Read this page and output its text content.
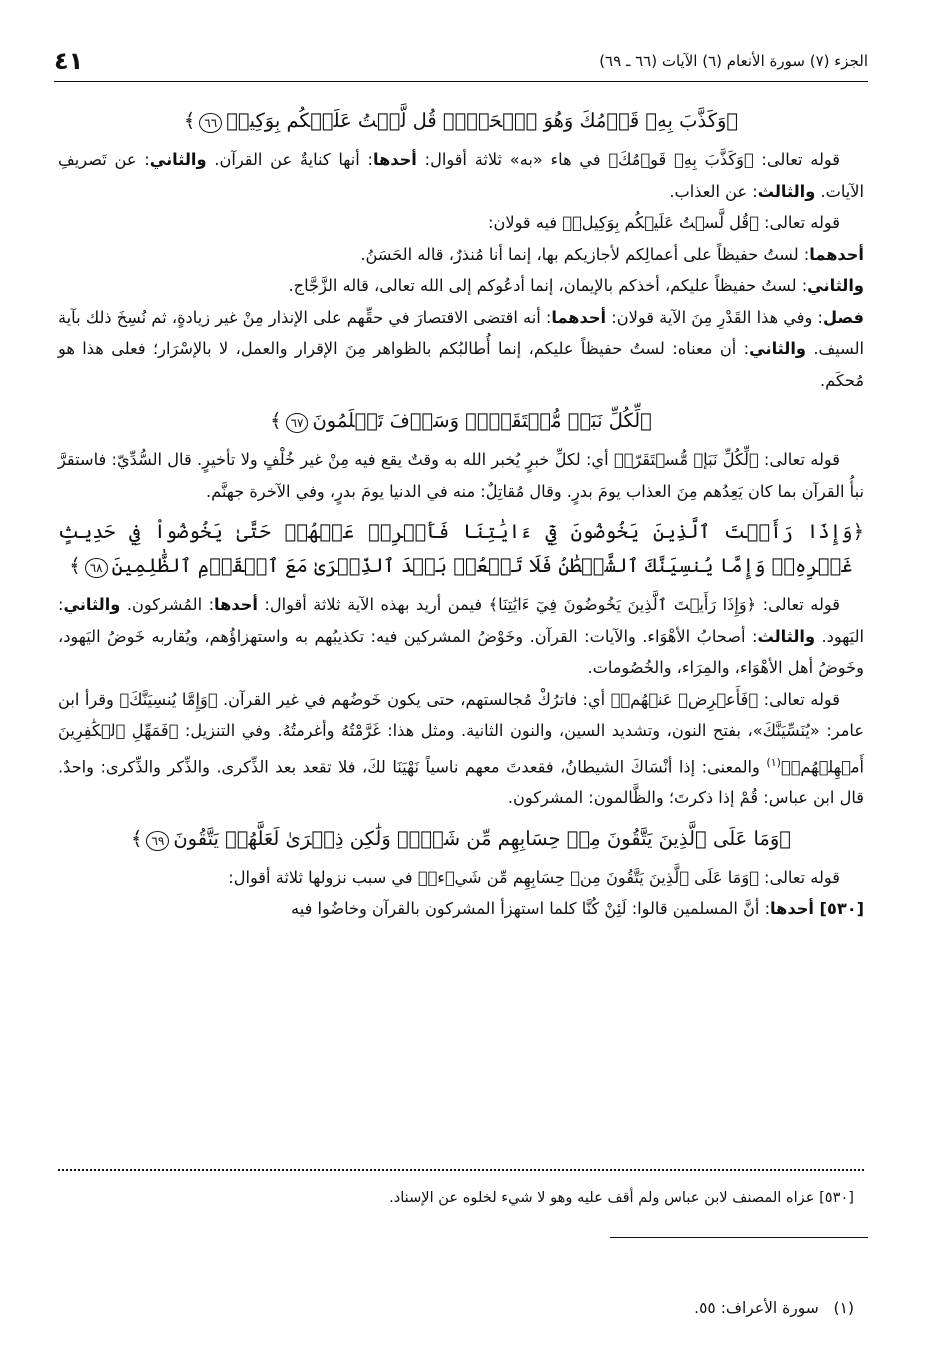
الجزء (٧) سورة الأنعام (٦) الآيات (٦٦ ـ ٦٩)
٤١
﴿وَكَذَّبَ بِهِۦ قَوۡمُكَ وَهُوَ ٱلۡحَقُّۚ قُل لَّسۡتُ عَلَيۡكُم بِوَكِيلٖ٦٦﴾

قوله تعالى: ﴿وَكَذَّبَ بِهِۦ قَوۡمُكَ﴾ في هاء «به» ثلاثة أقوال: أحدها: أنها كنايةٌ عن القرآن. والثاني: عن تَصريفِ الآيات. والثالث: عن العذاب.

قوله تعالى: ﴿قُل لَّسۡتُ عَلَيۡكُم بِوَكِيلٖ﴾ فيه قولان:

أحدهما: لستُ حفيظاً على أعمالِكم لأجازيكم بها، إنما أنا مُنذرٌ، قاله الحَسَنُ.

والثاني: لستُ حفيظاً عليكم، أخذكم بالإيمان، إنما أدعُوكم إلى الله تعالى، قاله الزَّجَّاج.

فصل: وفي هذا القَدْرِ مِنَ الآية قولان: أحدهما: أنه اقتضى الاقتصارَ في حقِّهم على الإنذار مِنْ غير زيادةٍ، ثم نُسِخَ ذلك بآية السيف. والثاني: أن معناه: لستُ حفيظاً عليكم، إنما أُطالبُكم بالظواهر مِنَ الإقرار والعمل، لا بالإسْرَار؛ فعلى هذا هو مُحكَم.

﴿لِّكُلِّ نَبَإٖ مُّسۡتَقَرّٞۚ وَسَوۡفَ تَعۡلَمُونَ٦٧﴾

قوله تعالى: ﴿لِّكُلِّ نَبَإٖ مُّسۡتَقَرّٞ﴾ أي: لكلِّ خبرٍ يُخبر الله به وقتٌ يقع فيه مِنْ غير خُلْفٍ ولا تأخيرٍ. قال السُّدِّيّ: فاستقرَّ نبأُ القرآن بما كان يَعِدُهم مِنَ العذاب يومَ بدرٍ. وقال مُقاتِلٌ: منه في الدنيا يومَ بدرٍ، وفي الآخرة جهنَّم.

﴿وَإِذَا رَأَيۡتَ ٱلَّذِينَ يَخُوضُونَ فِيٓ ءَايَٰتِنَا فَأَعۡرِضۡ عَنۡهُمۡ حَتَّىٰ يَخُوضُواْ فِي حَدِيثٍ غَيۡرِهِۦۚ وَإِمَّا يُنسِيَنَّكَ ٱلشَّيۡطَٰنُ فَلَا تَقۡعُدۡ بَعۡدَ ٱلذِّكۡرَىٰ مَعَ ٱلۡقَوۡمِ ٱلظَّٰلِمِينَ٦٨﴾

قوله تعالى: ﴿وَإِذَا رَأَيۡتَ ٱلَّذِينَ يَخُوضُونَ فِيٓ ءَايَٰتِنَا﴾ فيمن أريد بهذه الآية ثلاثة أقوال: أحدها: المُشركون. والثاني: اليَهود. والثالث: أصحابُ الأهْوَاء. والآيات: القرآن. وخَوْضُ المشركين فيه: تكذيبُهم به واستهزاؤُهم، ويُقاربه خَوضُ اليَهود، وخَوضُ أهل الأهْوَاء، والمِرَاء، والخُصُومات.

قوله تعالى: ﴿فَأَعۡرِضۡ عَنۡهُمۡ﴾ أي: فاترُكْ مُجالستهم، حتى يكون خَوضُهم في غير القرآن. ﴿وَإِمَّا يُنسِيَنَّكَ﴾ وقرأ ابن عامر: «يُنَسِّيَنَّكَ»، بفتح النون، وتشديد السين، والنون الثانية. ومثل هذا: غَرَّمْتُهُ وأغرمتُهُ. وفي التنزيل: ﴿فَمَهِّلِ ٱلۡكَٰفِرِينَ أَمۡهِلۡهُمۡ﴾$^{(١)}$ والمعنى: إذا أنْسَاكَ الشيطانُ، فقعدتَ معهم ناسياً نَهْيَنَا لكَ، فلا تقعد بعد الذِّكرى. والذِّكر والذِّكرى: واحدٌ. قال ابن عباس: قُمْ إذا ذكرتَ؛ والظَّالمون: المشركون.

﴿وَمَا عَلَى ٱلَّذِينَ يَتَّقُونَ مِنۡ حِسَابِهِم مِّن شَيۡءٖ وَلَٰكِن ذِكۡرَىٰ لَعَلَّهُمۡ يَتَّقُونَ٦٩﴾

قوله تعالى: ﴿وَمَا عَلَى ٱلَّذِينَ يَتَّقُونَ مِنۡ حِسَابِهِم مِّن شَيۡءٖ﴾ في سبب نزولها ثلاثة أقوال:

[٥٣٠] أحدها: أنَّ المسلمين قالوا: لَئِنْ كُنَّا كلما استهزأ المشركون بالقرآن وخاضُوا فيه

[٥٣٠] عزاه المصنف لابن عباس ولم أقف عليه وهو لا شيء لخلوه عن الإسناد.
(١)   سورة الأعراف: ٥٥.
